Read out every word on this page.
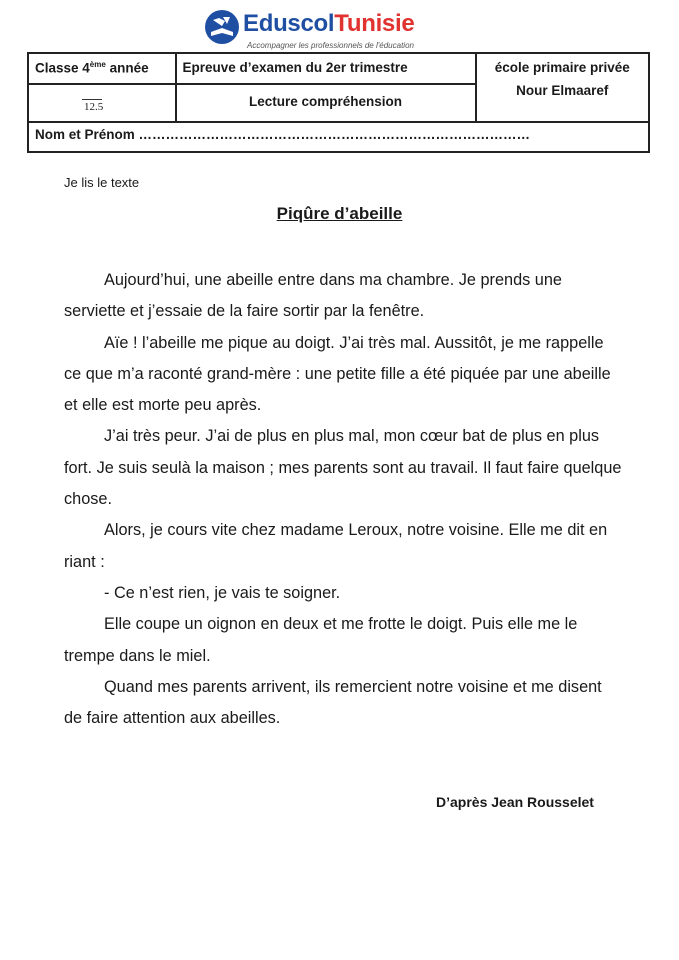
EduscolTunisie
Accompagner les professionnels de l'éducation
Classe 4ème année	Epreuve d’examen du 2er trimestre	école primaire privée
Nour Elmaaref

12.5	Lecture compréhension	

Nom et Prénom ……………………………………………………………………………		
Je lis le texte
Piqûre d’abeille

Aujourd’hui, une abeille entre dans ma chambre. Je prends une serviette et j’essaie de la faire sortir par la fenêtre.

Aïe ! l’abeille me pique au doigt. J’ai très mal. Aussitôt, je me rappelle ce que m’a raconté grand-mère : une petite fille a été piquée par une abeille et elle est morte peu après.

J’ai très peur. J’ai de plus en plus mal, mon cœur bat de plus en plus fort. Je suis seulà la maison ; mes parents sont au travail. Il faut faire quelque chose.

Alors, je cours vite chez madame Leroux, notre voisine. Elle me dit en riant :

- Ce n’est rien, je vais te soigner.

Elle coupe un oignon en deux et me frotte le doigt. Puis elle me le trempe dans le miel.

Quand mes parents arrivent, ils remercient notre voisine et me disent de faire attention aux abeilles.

D’après Jean Rousselet
